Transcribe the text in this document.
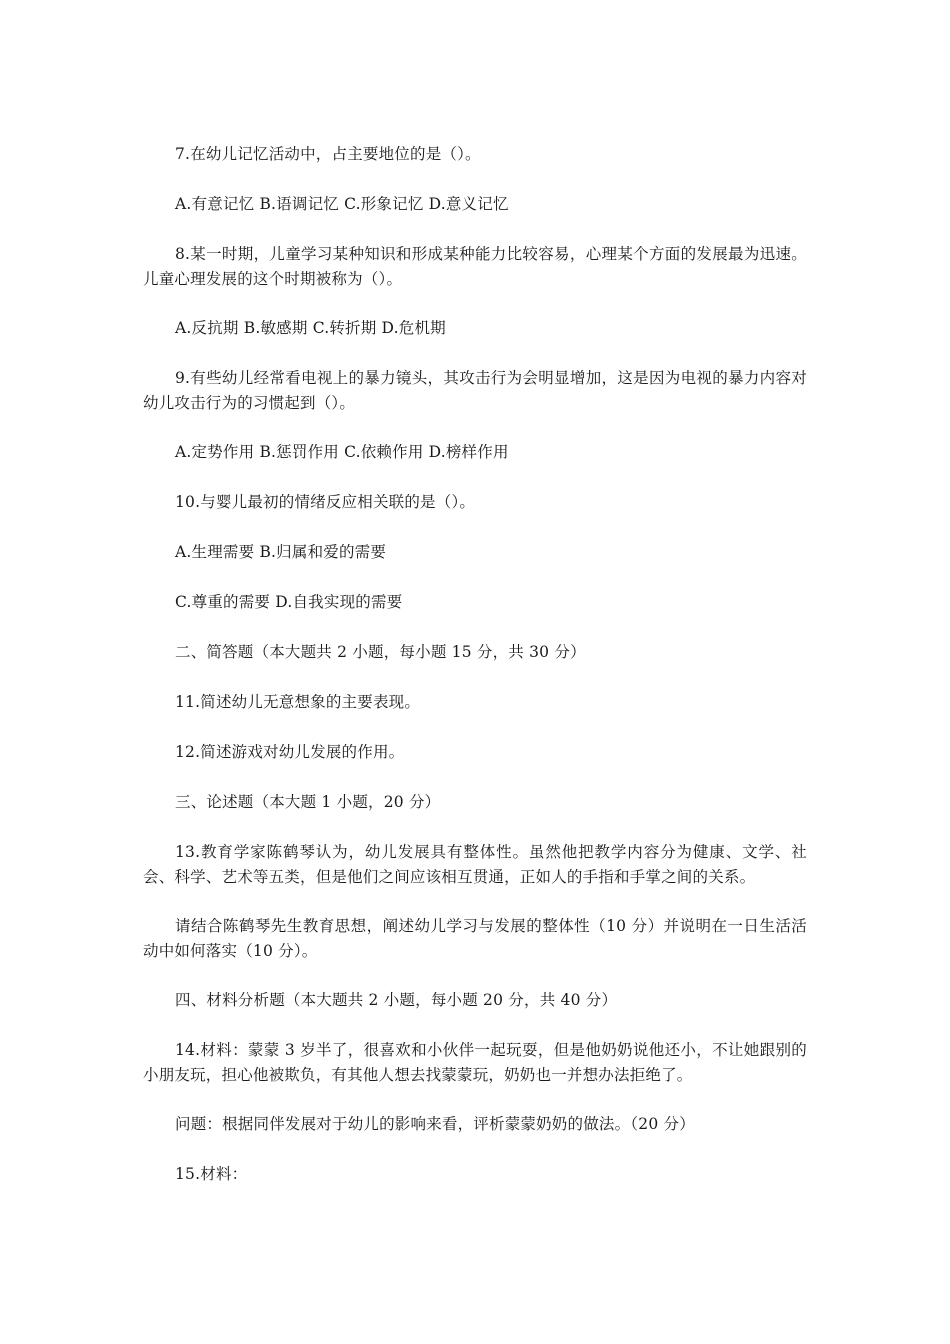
7.在幼儿记忆活动中，占主要地位的是（）。

A.有意记忆 B.语调记忆 C.形象记忆 D.意义记忆

8.某一时期，儿童学习某种知识和形成某种能力比较容易，心理某个方面的发展最为迅速。儿童心理发展的这个时期被称为（）。

A.反抗期 B.敏感期 C.转折期 D.危机期

9.有些幼儿经常看电视上的暴力镜头，其攻击行为会明显增加，这是因为电视的暴力内容对幼儿攻击行为的习惯起到（）。

A.定势作用 B.惩罚作用 C.依赖作用 D.榜样作用

10.与婴儿最初的情绪反应相关联的是（）。

A.生理需要 B.归属和爱的需要

C.尊重的需要 D.自我实现的需要

二、简答题（本大题共 2 小题，每小题 15 分，共 30 分）

11.简述幼儿无意想象的主要表现。

12.简述游戏对幼儿发展的作用。

三、论述题（本大题 1 小题，20 分）

13.教育学家陈鹤琴认为，幼儿发展具有整体性。虽然他把教学内容分为健康、文学、社会、科学、艺术等五类，但是他们之间应该相互贯通，正如人的手指和手掌之间的关系。

请结合陈鹤琴先生教育思想，阐述幼儿学习与发展的整体性（10 分）并说明在一日生活活动中如何落实（10 分）。

四、材料分析题（本大题共 2 小题，每小题 20 分，共 40 分）

14.材料：蒙蒙 3 岁半了，很喜欢和小伙伴一起玩耍，但是他奶奶说他还小，不让她跟别的小朋友玩，担心他被欺负，有其他人想去找蒙蒙玩，奶奶也一并想办法拒绝了。

问题：根据同伴发展对于幼儿的影响来看，评析蒙蒙奶奶的做法。（20 分）

15.材料：
